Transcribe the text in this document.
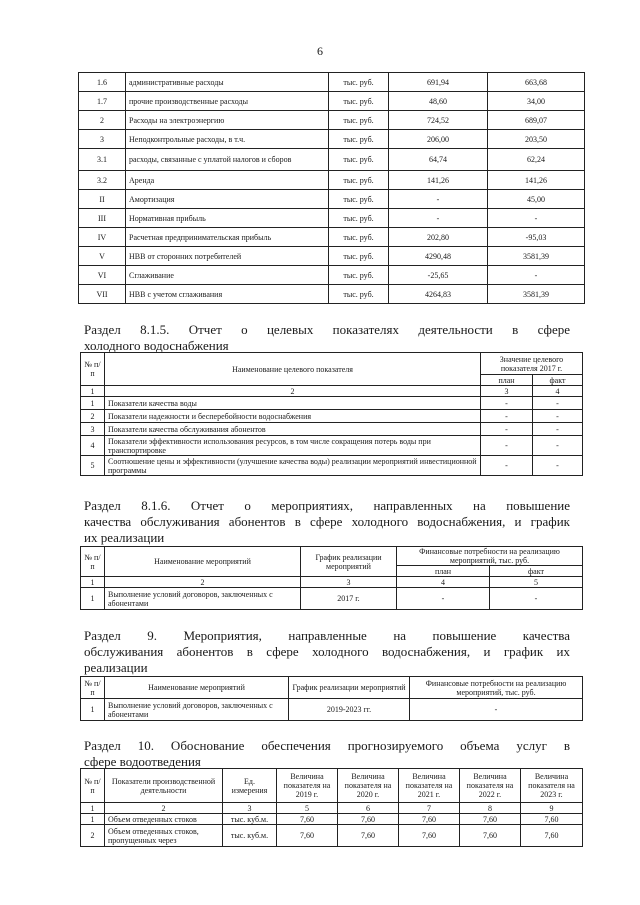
6
1.6	административные расходы	тыс. руб.	691,94	663,68
1.7	прочие производственные расходы	тыс. руб.	48,60	34,00
2	Расходы на электроэнергию	тыс. руб.	724,52	689,07
3	Неподконтрольные расходы, в т.ч.	тыс. руб.	206,00	203,50
3.1	расходы, связанные с уплатой налогов и сборов	тыс. руб.	64,74	62,24
3.2	Аренда	тыс. руб.	141,26	141,26
II	Амортизация	тыс. руб.	-	45,00
III	Нормативная прибыль	тыс. руб.	-	-
IV	Расчетная предпринимательская прибыль	тыс. руб.	202,80	-95,03
V	НВВ от сторонних потребителей	тыс. руб.	4290,48	3581,39
VI	Сглаживание	тыс. руб.	-25,65	-
VII	НВВ с учетом сглаживания	тыс. руб.	4264,83	3581,39
Раздел 8.1.5. Отчет о целевых показателях деятельности в сфере
холодного водоснабжения
№ п/п	Наименование целевого показателя	Значение целевого показателя 2017 г.	
		план	факт
1	2	3	4
1	Показатели качества воды	-	-
2	Показатели надежности и бесперебойности водоснабжения	-	-
3	Показатели качества обслуживания абонентов	-	-
4	Показатели эффективности использования ресурсов, в том числе сокращения потерь воды при транспортировке	-	-
5	Соотношение цены и эффективности (улучшение качества воды) реализации мероприятий инвестиционной программы	-	-
Раздел 8.1.6. Отчет о мероприятиях, направленных на повышение
качества обслуживания абонентов в сфере холодного водоснабжения, и график
их реализации
№ п/п	Наименование мероприятий	График реализации мероприятий	Финансовые потребности на реализацию мероприятий, тыс. руб.	
			план	факт
1	2	3	4	5
1	Выполнение условий договоров, заключенных с абонентами	2017 г.	-	-
Раздел 9. Мероприятия, направленные на повышение качества
обслуживания абонентов в сфере холодного водоснабжения, и график их
реализации
№ п/п	Наименование мероприятий	График реализации мероприятий	Финансовые потребности на реализацию мероприятий, тыс. руб.
1	Выполнение условий договоров, заключенных с абонентами	2019-2023 гг.	-
Раздел 10. Обоснование обеспечения прогнозируемого объема услуг в
сфере водоотведения
№ п/п	Показатели производственной деятельности	Ед. измерения	Величина показателя на 2019 г.	Величина показателя на 2020 г.	Величина показателя на 2021 г.	Величина показателя на 2022 г.	Величина показателя на 2023 г.
1	2	3	5	6	7	8	9
1	Объем отведенных стоков	тыс. куб.м.	7,60	7,60	7,60	7,60	7,60
2	Объем отведенных стоков, пропущенных через	тыс. куб.м.	7,60	7,60	7,60	7,60	7,60
